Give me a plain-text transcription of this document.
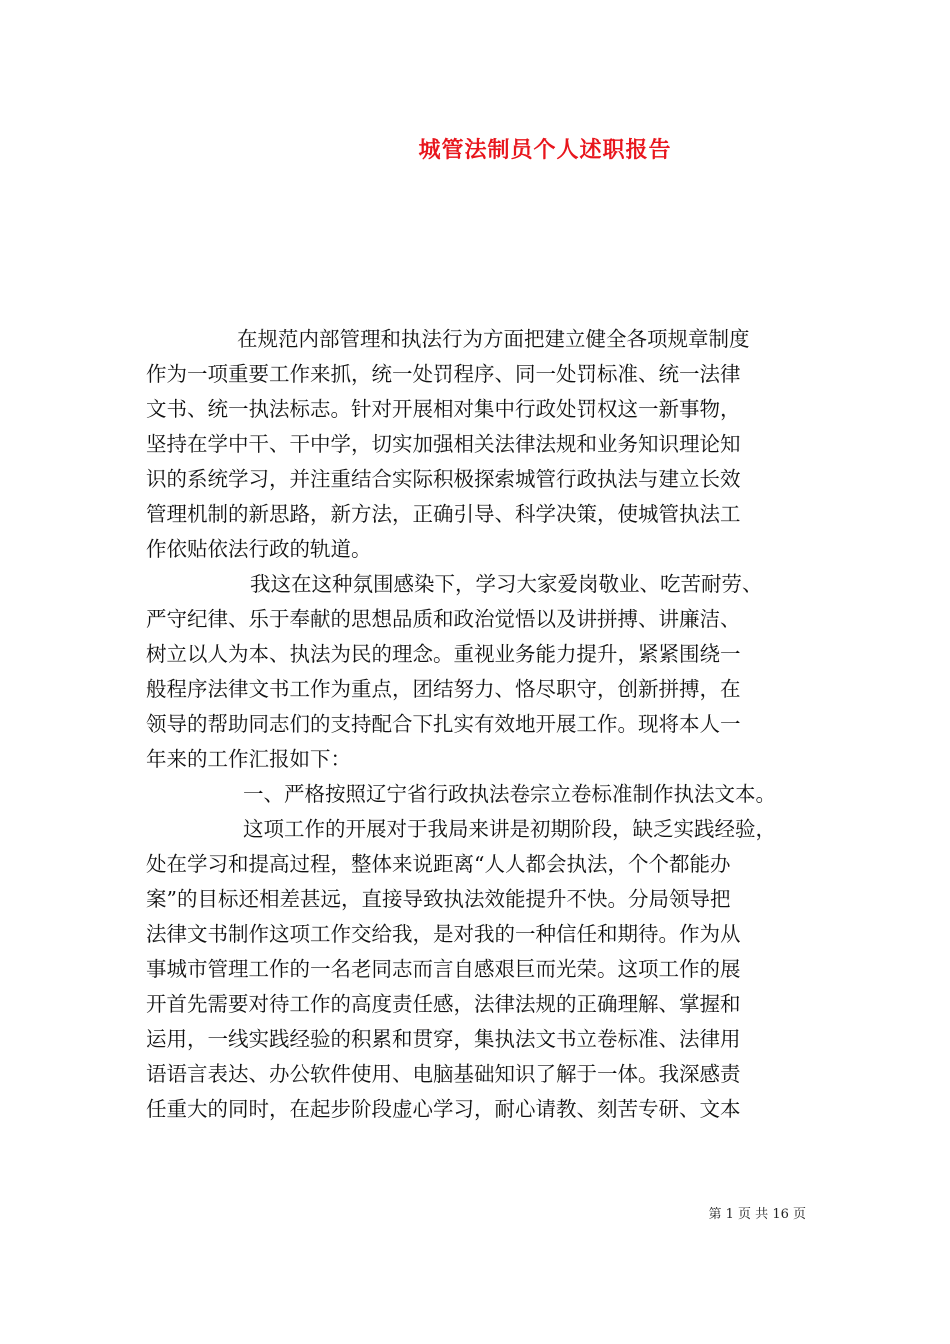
城管法制员个人述职报告
在规范内部管理和执法行为方面把建立健全各项规章制度
作为一项重要工作来抓，统一处罚程序、同一处罚标准、统一法律
文书、统一执法标志。针对开展相对集中行政处罚权这一新事物，
坚持在学中干、干中学，切实加强相关法律法规和业务知识理论知
识的系统学习，并注重结合实际积极探索城管行政执法与建立长效
管理机制的新思路，新方法，正确引导、科学决策，使城管执法工
作依贴依法行政的轨道。
我这在这种氛围感染下，学习大家爱岗敬业、吃苦耐劳、
严守纪律、乐于奉献的思想品质和政治觉悟以及讲拼搏、讲廉洁、
树立以人为本、执法为民的理念。重视业务能力提升，紧紧围绕一
般程序法律文书工作为重点，团结努力、恪尽职守，创新拼搏，在
领导的帮助同志们的支持配合下扎实有效地开展工作。现将本人一
年来的工作汇报如下：
一、严格按照辽宁省行政执法卷宗立卷标准制作执法文本。
这项工作的开展对于我局来讲是初期阶段，缺乏实践经验，
处在学习和提高过程，整体来说距离“人人都会执法，个个都能办
案”的目标还相差甚远，直接导致执法效能提升不快。分局领导把
法律文书制作这项工作交给我，是对我的一种信任和期待。作为从
事城市管理工作的一名老同志而言自感艰巨而光荣。这项工作的展
开首先需要对待工作的高度责任感，法律法规的正确理解、掌握和
运用，一线实践经验的积累和贯穿，集执法文书立卷标准、法律用
语语言表达、办公软件使用、电脑基础知识了解于一体。我深感责
任重大的同时，在起步阶段虚心学习，耐心请教、刻苦专研、文本
第 1 页 共 16 页
